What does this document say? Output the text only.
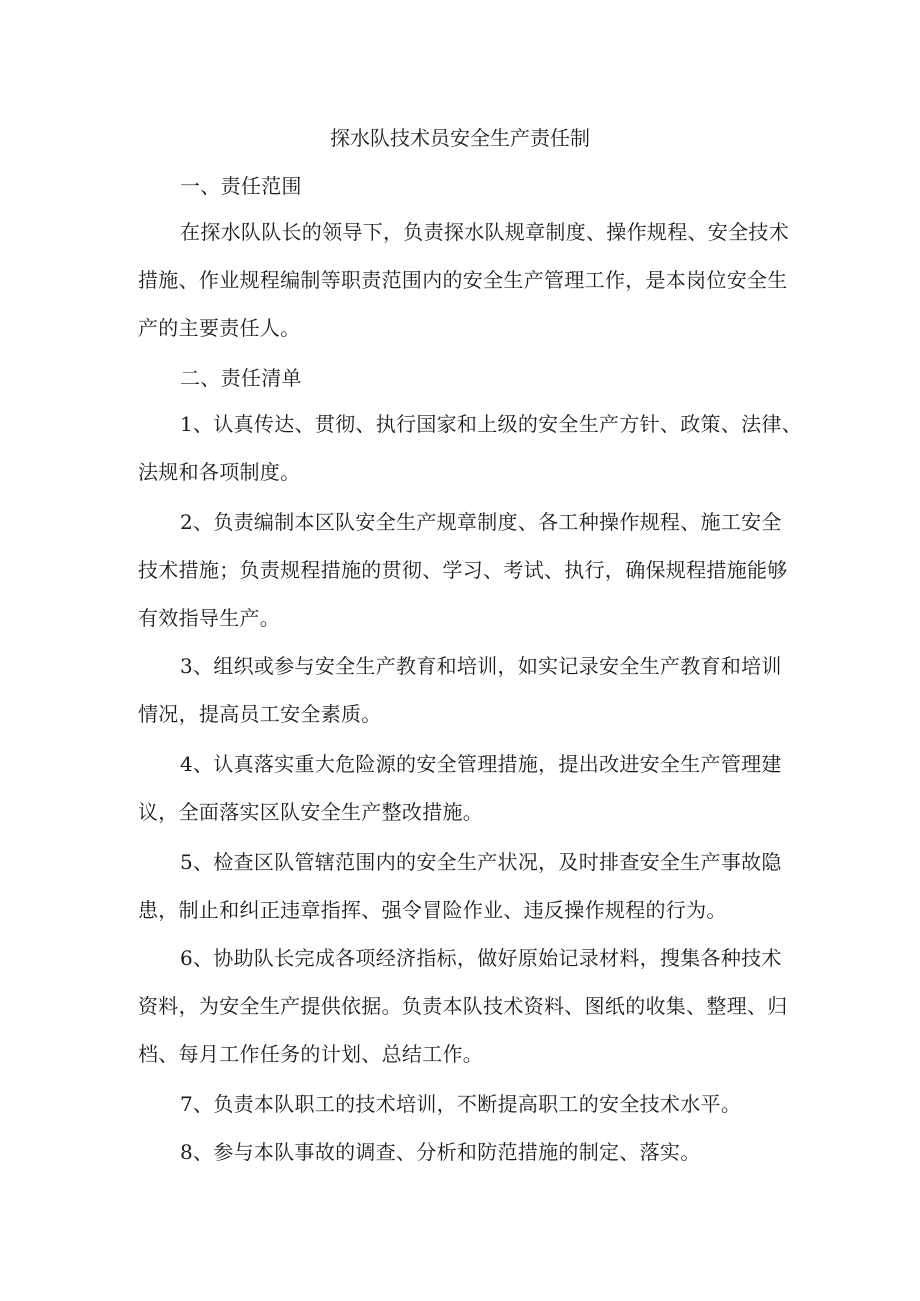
探水队技术员安全生产责任制
一、责任范围
在探水队队长的领导下，负责探水队规章制度、操作规程、安全技术
措施、作业规程编制等职责范围内的安全生产管理工作，是本岗位安全生
产的主要责任人。
二、责任清单
1、认真传达、贯彻、执行国家和上级的安全生产方针、政策、法律、
法规和各项制度。
2、负责编制本区队安全生产规章制度、各工种操作规程、施工安全
技术措施；负责规程措施的贯彻、学习、考试、执行，确保规程措施能够
有效指导生产。
3、组织或参与安全生产教育和培训，如实记录安全生产教育和培训
情况，提高员工安全素质。
4、认真落实重大危险源的安全管理措施，提出改进安全生产管理建
议，全面落实区队安全生产整改措施。
5、检查区队管辖范围内的安全生产状况，及时排查安全生产事故隐
患，制止和纠正违章指挥、强令冒险作业、违反操作规程的行为。
6、协助队长完成各项经济指标，做好原始记录材料，搜集各种技术
资料，为安全生产提供依据。负责本队技术资料、图纸的收集、整理、归
档、每月工作任务的计划、总结工作。
7、负责本队职工的技术培训，不断提高职工的安全技术水平。
8、参与本队事故的调查、分析和防范措施的制定、落实。
